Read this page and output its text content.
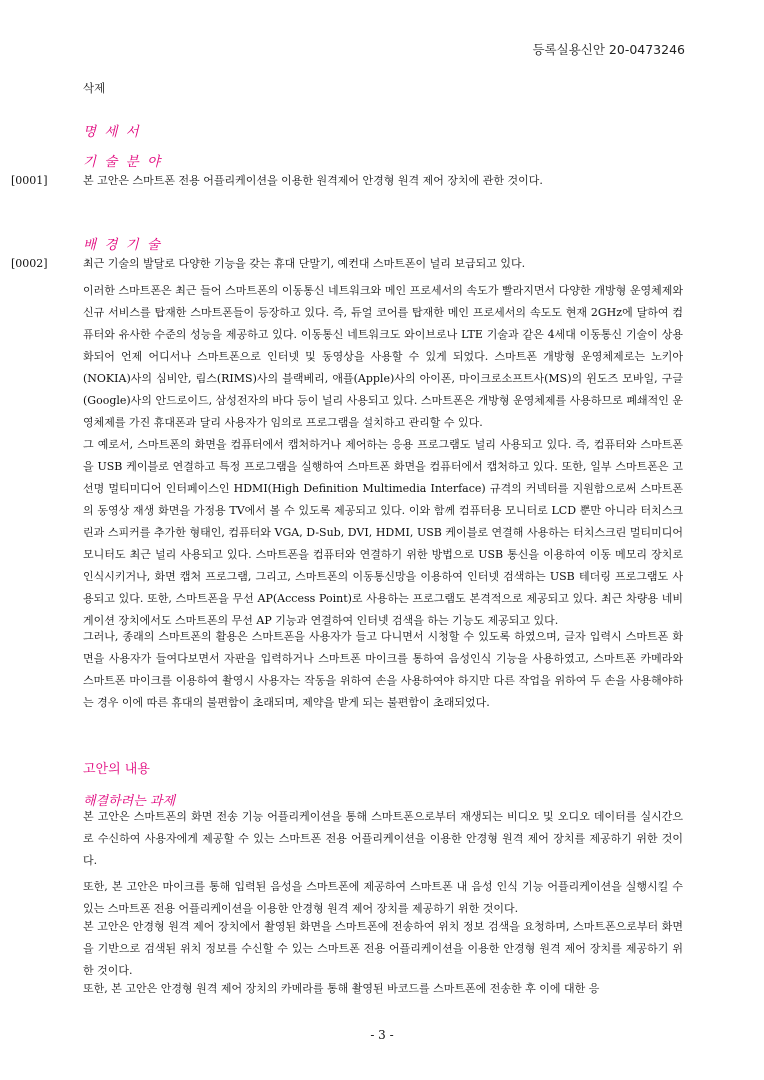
등록실용신안 20-0473246
삭제
명 세 서
기 술 분 야
[0001]	본 고안은 스마트폰 전용 어플리케이션을 이용한 원격제어 안경형 원격 제어 장치에 관한 것이다.
배 경 기 술
[0002]	최근 기술의 발달로 다양한 기능을 갖는 휴대 단말기, 예컨대 스마트폰이 널리 보급되고 있다.
이러한 스마트폰은 최근 들어 스마트폰의 이동통신 네트워크와 메인 프로세서의 속도가 빨라지면서 다양한 개방형 운영체제와 신규 서비스를 탑재한 스마트폰들이 등장하고 있다. 즉, 듀얼 코어를 탑재한 메인 프로세서의 속도도 현재 2GHz에 달하여 컴퓨터와 유사한 수준의 성능을 제공하고 있다. 이동통신 네트워크도 와이브로나 LTE 기술과 같은 4세대 이동통신 기술이 상용화되어 언제 어디서나 스마트폰으로 인터넷 및 동영상을 사용할 수 있게 되었다. 스마트폰 개방형 운영체제로는 노키아(NOKIA)사의 심비안, 림스(RIMS)사의 블랙베리, 애플(Apple)사의 아이폰, 마이크로소프트사(MS)의 윈도즈 모바일, 구글(Google)사의 안드로이드, 삼성전자의 바다 등이 널리 사용되고 있다. 스마트폰은 개방형 운영체제를 사용하므로 폐쇄적인 운영체제를 가진 휴대폰과 달리 사용자가 임의로 프로그램을 설치하고 관리할 수 있다.
그 예로서, 스마트폰의 화면을 컴퓨터에서 캡처하거나 제어하는 응용 프로그램도 널리 사용되고 있다. 즉, 컴퓨터와 스마트폰을 USB 케이블로 연결하고 특정 프로그램을 실행하여 스마트폰 화면을 컴퓨터에서 캡처하고 있다. 또한, 일부 스마트폰은 고선명 멀티미디어 인터페이스인 HDMI(High Definition Multimedia Interface) 규격의 커넥터를 지원함으로써 스마트폰의 동영상 재생 화면을 가정용 TV에서 볼 수 있도록 제공되고 있다. 이와 함께 컴퓨터용 모니터로 LCD 뿐만 아니라 터치스크린과 스피커를 추가한 형태인, 컴퓨터와 VGA, D-Sub, DVI, HDMI, USB 케이블로 연결해 사용하는 터치스크린 멀티미디어 모니터도 최근 널리 사용되고 있다. 스마트폰을 컴퓨터와 연결하기 위한 방법으로 USB 통신을 이용하여 이동 메모리 장치로 인식시키거나, 화면 캡처 프로그램, 그리고, 스마트폰의 이동통신망을 이용하여 인터넷 검색하는 USB 테더링 프로그램도 사용되고 있다. 또한, 스마트폰을 무선 AP(Access Point)로 사용하는 프로그램도 본격적으로 제공되고 있다. 최근 차량용 네비게이션 장치에서도 스마트폰의 무선 AP 기능과 연결하여 인터넷 검색을 하는 기능도 제공되고 있다.
그러나, 종래의 스마트폰의 활용은 스마트폰을 사용자가 들고 다니면서 시청할 수 있도록 하였으며, 글자 입력시 스마트폰 화면을 사용자가 들여다보면서 자판을 입력하거나 스마트폰 마이크를 통하여 음성인식 기능을 사용하였고, 스마트폰 카메라와 스마트폰 마이크를 이용하여 촬영시 사용자는 작동을 위하여 손을 사용하여야 하지만 다른 작업을 위하여 두 손을 사용해야하는 경우 이에 따른 휴대의 불편함이 초래되며, 제약을 받게 되는 불편함이 초래되었다.
고안의 내용
해결하려는 과제
본 고안은 스마트폰의 화면 전송 기능 어플리케이션을 통해 스마트폰으로부터 재생되는 비디오 및 오디오 데이터를 실시간으로 수신하여 사용자에게 제공할 수 있는 스마트폰 전용 어플리케이션을 이용한 안경형 원격 제어 장치를 제공하기 위한 것이다.
또한, 본 고안은 마이크를 통해 입력된 음성을 스마트폰에 제공하여 스마트폰 내 음성 인식 기능 어플리케이션을 실행시킬 수 있는 스마트폰 전용 어플리케이션을 이용한 안경형 원격 제어 장치를 제공하기 위한 것이다.
본 고안은 안경형 원격 제어 장치에서 촬영된 화면을 스마트폰에 전송하여 위치 정보 검색을 요청하며, 스마트폰으로부터 화면을 기반으로 검색된 위치 정보를 수신할 수 있는 스마트폰 전용 어플리케이션을 이용한 안경형 원격 제어 장치를 제공하기 위한 것이다.
또한, 본 고안은 안경형 원격 제어 장치의 카메라를 통해 촬영된 바코드를 스마트폰에 전송한 후 이에 대한 응
- 3 -
